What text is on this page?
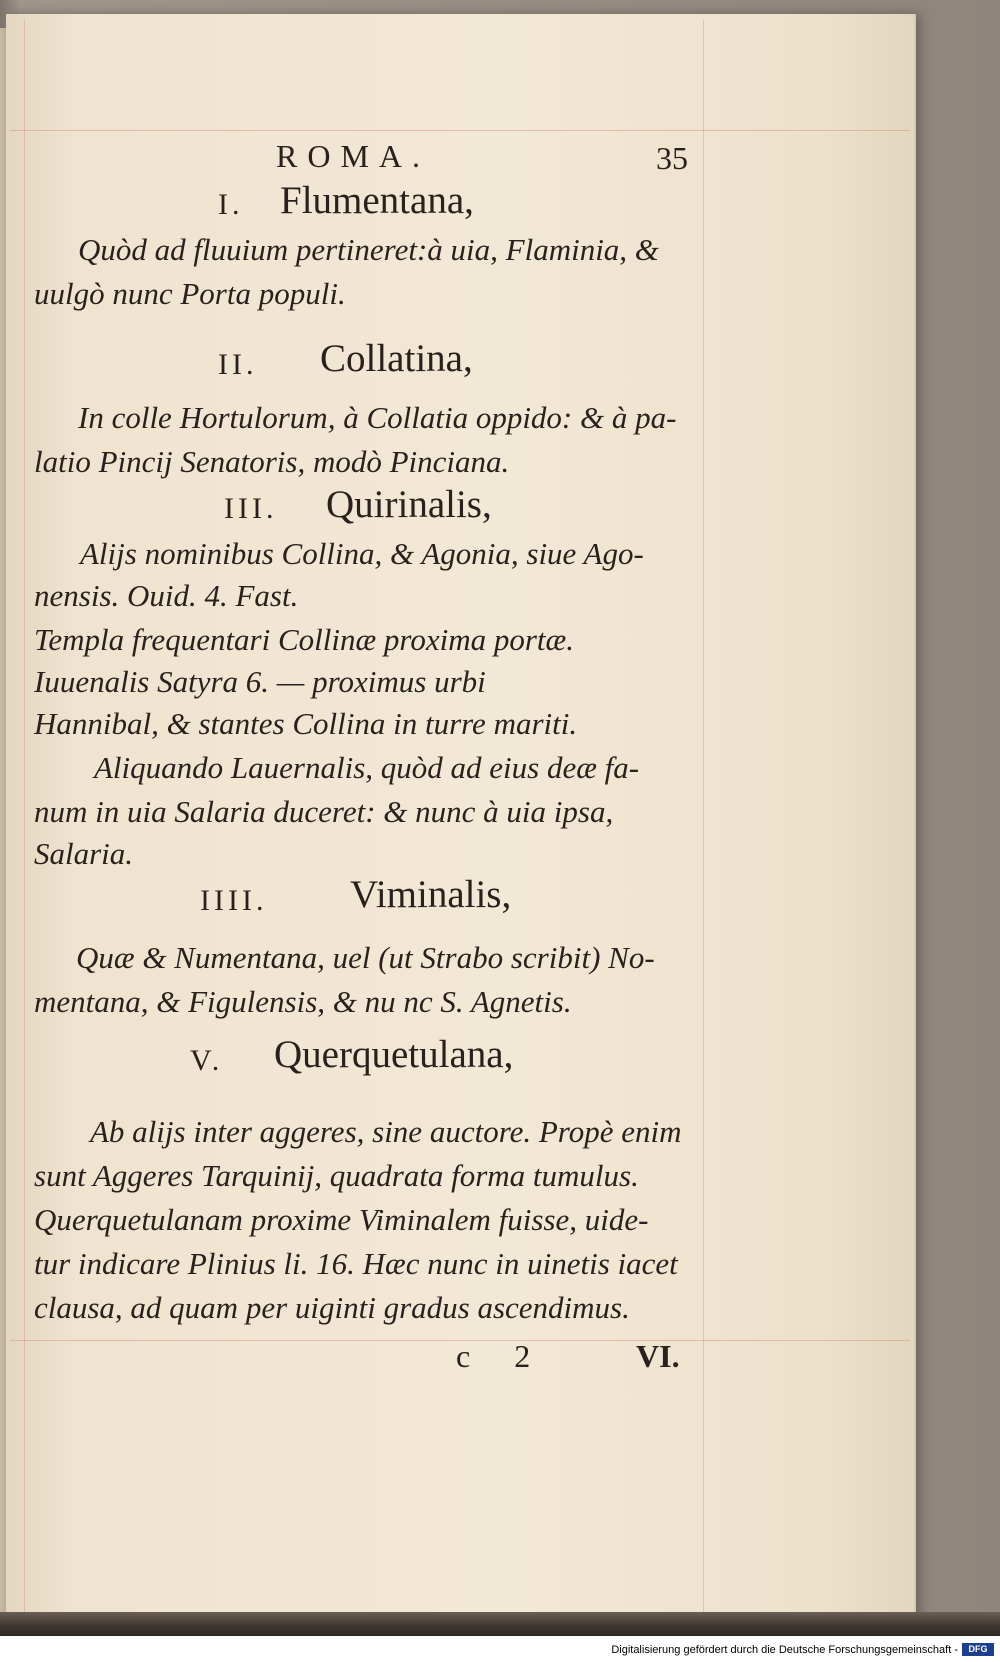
ROMA.	35
I. Flumentana,
Quòd ad fluuium pertineret:à uia, Flaminia, &
uulgò nunc Porta populi.
II. Collatina,
In colle Hortulorum, à Collatia oppido: & à pa-
latio Pincij Senatoris, modò Pinciana.
III. Quirinalis,
Alijs nominibus Collina, & Agonia, siue Ago-
nensis. Ouid. 4. Fast.
Templa frequentari Collinæ proxima portæ.
Iuuenalis Satyra 6. — proximus urbi
Hannibal, & stantes Collina in turre mariti.
Aliquando Lauernalis, quòd ad eius deæ fa-
num in uia Salaria duceret: & nunc à uia ipsa,
Salaria.
IIII. Viminalis,
Quæ & Numentana, uel (ut Strabo scribit) No-
mentana, & Figulensis, & nu nc S. Agnetis.
V. Querquetulana,
Ab alijs inter aggeres, sine auctore. Propè enim
sunt Aggeres Tarquinij, quadrata forma tumulus.
Querquetulanam proxime Viminalem fuisse, uide-
tur indicare Plinius li. 16. Hæc nunc in uinetis iacet
clausa, ad quam per uiginti gradus ascendimus.
c 2	VI.
Digitalisierung gefördert durch die Deutsche Forschungsgemeinschaft -	DFG
